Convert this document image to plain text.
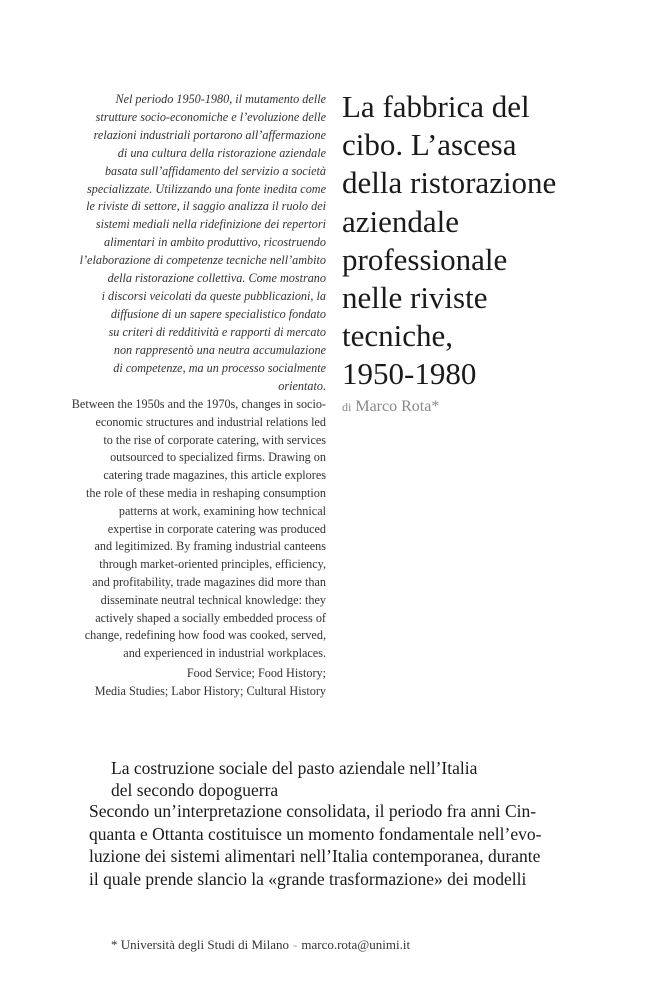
Nel periodo 1950-1980, il mutamento delle
strutture socio-economiche e l’evoluzione delle
relazioni industriali portarono all’affermazione
di una cultura della ristorazione aziendale
basata sull’affidamento del servizio a società
specializzate. Utilizzando una fonte inedita come
le riviste di settore, il saggio analizza il ruolo dei
sistemi mediali nella ridefinizione dei repertori
alimentari in ambito produttivo, ricostruendo
l’elaborazione di competenze tecniche nell’ambito
della ristorazione collettiva. Come mostrano
i discorsi veicolati da queste pubblicazioni, la
diffusione di un sapere specialistico fondato
su criteri di redditività e rapporti di mercato
non rappresentò una neutra accumulazione
di competenze, ma un processo socialmente
orientato.
Between the 1950s and the 1970s, changes in socio-
economic structures and industrial relations led
to the rise of corporate catering, with services
outsourced to specialized firms. Drawing on
catering trade magazines, this article explores
the role of these media in reshaping consumption
patterns at work, examining how technical
expertise in corporate catering was produced
and legitimized. By framing industrial canteens
through market-oriented principles, efficiency,
and profitability, trade magazines did more than
disseminate neutral technical knowledge: they
actively shaped a socially embedded process of
change, redefining how food was cooked, served,
and experienced in industrial workplaces.
Food Service; Food History;
Media Studies; Labor History; Cultural History
La fabbrica del
cibo. L’ascesa
della ristorazione
aziendale
professionale
nelle riviste
tecniche,
1950-1980
di Marco Rota*
La costruzione sociale del pasto aziendale nell’Italia
del secondo dopoguerra
Secondo un’interpretazione consolidata, il periodo fra anni Cin-
quanta e Ottanta costituisce un momento fondamentale nell’evo-
luzione dei sistemi alimentari nell’Italia contemporanea, durante
il quale prende slancio la «grande trasformazione» dei modelli
* Università degli Studi di Milano - marco.rota@unimi.it
